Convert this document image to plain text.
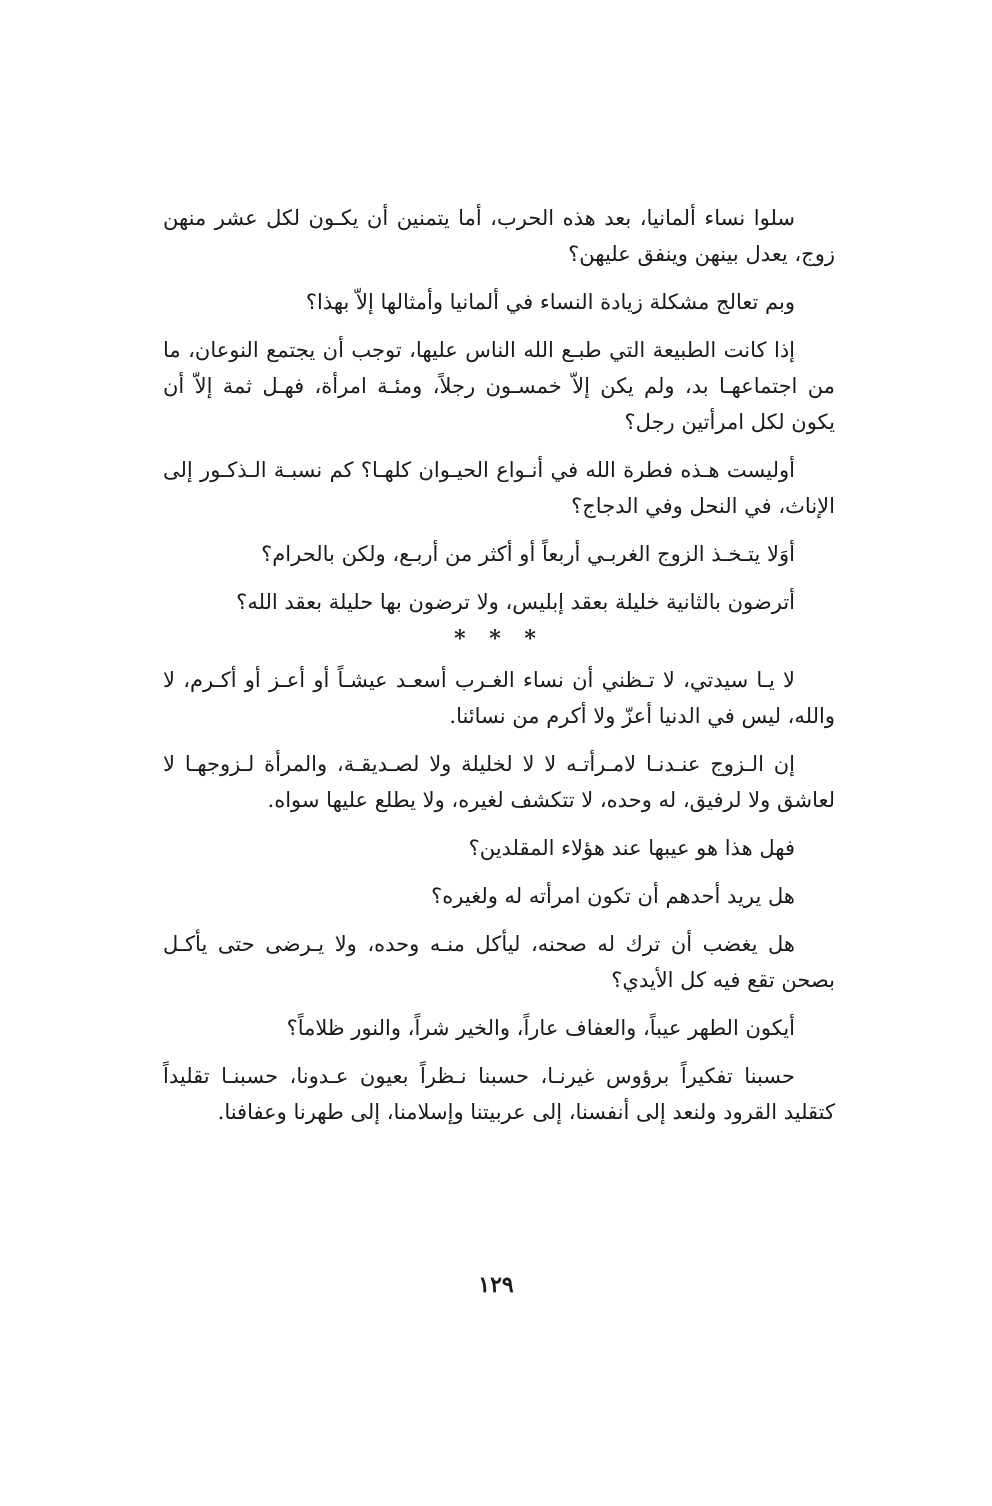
سلوا نساء ألمانيا، بعد هذه الحرب، أما يتمنين أن يكـون لكل عشر منهن زوج، يعدل بينهن وينفق عليهن؟

وبم تعالج مشكلة زيادة النساء في ألمانيا وأمثالها إلاّ بهذا؟

إذا كانت الطبيعة التي طبـع الله الناس عليها، توجب أن يجتمع النوعان، ما من اجتماعهـا بد، ولم يكن إلاّ خمسـون رجلاً، ومئـة امرأة، فهـل ثمة إلاّ أن يكون لكل امرأتين رجل؟

أوليست هـذه فطرة الله في أنـواع الحيـوان كلهـا؟ كم نسبـة الـذكـور إلى الإناث، في النحل وفي الدجاج؟

أوَلا يتـخـذ الزوج الغربـي أربعاً أو أكثر من أربـع، ولكن بالحرام؟

أترضون بالثانية خليلة بعقد إبليس، ولا ترضون بها حليلة بعقد الله؟

* * *

لا يـا سيدتي، لا تـظني أن نساء الغـرب أسعـد عيشـاً أو أعـز أو أكـرم، لا والله، ليس في الدنيا أعزّ ولا أكرم من نسائنا.

إن الـزوج عنـدنـا لامـرأتـه لا لا لخليلة ولا لصـديقـة، والمرأة لـزوجهـا لا لعاشق ولا لرفيق، له وحده، لا تتكشف لغيره، ولا يطلع عليها سواه.

فهل هذا هو عيبها عند هؤلاء المقلدين؟

هل يريد أحدهم أن تكون امرأته له ولغيره؟

هل يغضب أن ترك له صحنه، ليأكل منـه وحده، ولا يـرضى حتى يأكـل بصحن تقع فيه كل الأيدي؟

أيكون الطهر عيباً، والعفاف عاراً، والخير شراً، والنور ظلاماً؟

حسبنا تفكيراً برؤوس غيرنـا، حسبنا نـظراً بعيون عـدونا، حسبنـا تقليداً كتقليد القرود ولنعد إلى أنفسنا، إلى عربيتنا وإسلامنا، إلى طهرنا وعفافنا.

١٢٩
